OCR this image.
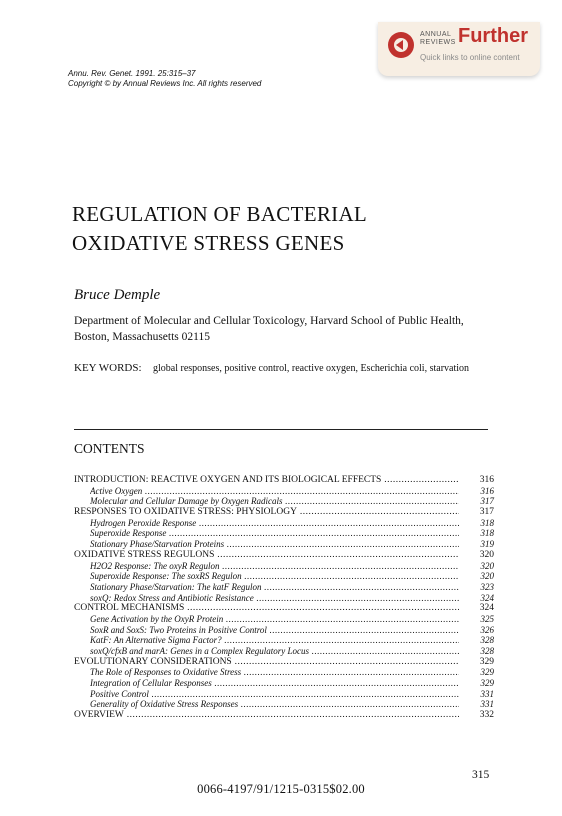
ANNUAL
REVIEWS Further
Quick links to online content
Annu. Rev. Genet. 1991. 25:315–37
Copyright © by Annual Reviews Inc. All rights reserved
REGULATION OF BACTERIAL
OXIDATIVE STRESS GENES
Bruce Demple
Department of Molecular and Cellular Toxicology, Harvard School of Public Health,
Boston, Massachusetts 02115
KEY WORDS: global responses, positive control, reactive oxygen, Escherichia coli, starvation
CONTENTS
INTRODUCTION: REACTIVE OXYGEN AND ITS BIOLOGICAL EFFECTS .....	316
Active Oxygen .....	316
Molecular and Cellular Damage by Oxygen Radicals .....	317
RESPONSES TO OXIDATIVE STRESS: PHYSIOLOGY .....	317
Hydrogen Peroxide Response .....	318
Superoxide Response .....	318
Stationary Phase/Starvation Proteins .....	319
OXIDATIVE STRESS REGULONS .....	320
H2O2 Response: The oxyR Regulon .....	320
Superoxide Response: The soxRS Regulon .....	320
Stationary Phase/Starvation: The katF Regulon .....	323
soxQ: Redox Stress and Antibiotic Resistance .....	324
CONTROL MECHANISMS .....	324
Gene Activation by the OxyR Protein .....	325
SoxR and SoxS: Two Proteins in Positive Control .....	326
KatF: An Alternative Sigma Factor? .....	328
soxQ/cfxB and marA: Genes in a Complex Regulatory Locus .....	328
EVOLUTIONARY CONSIDERATIONS .....	329
The Role of Responses to Oxidative Stress .....	329
Integration of Cellular Responses .....	329
Positive Control .....	331
Generality of Oxidative Stress Responses .....	331
OVERVIEW .....	332
315
0066-4197/91/1215-0315$02.00
